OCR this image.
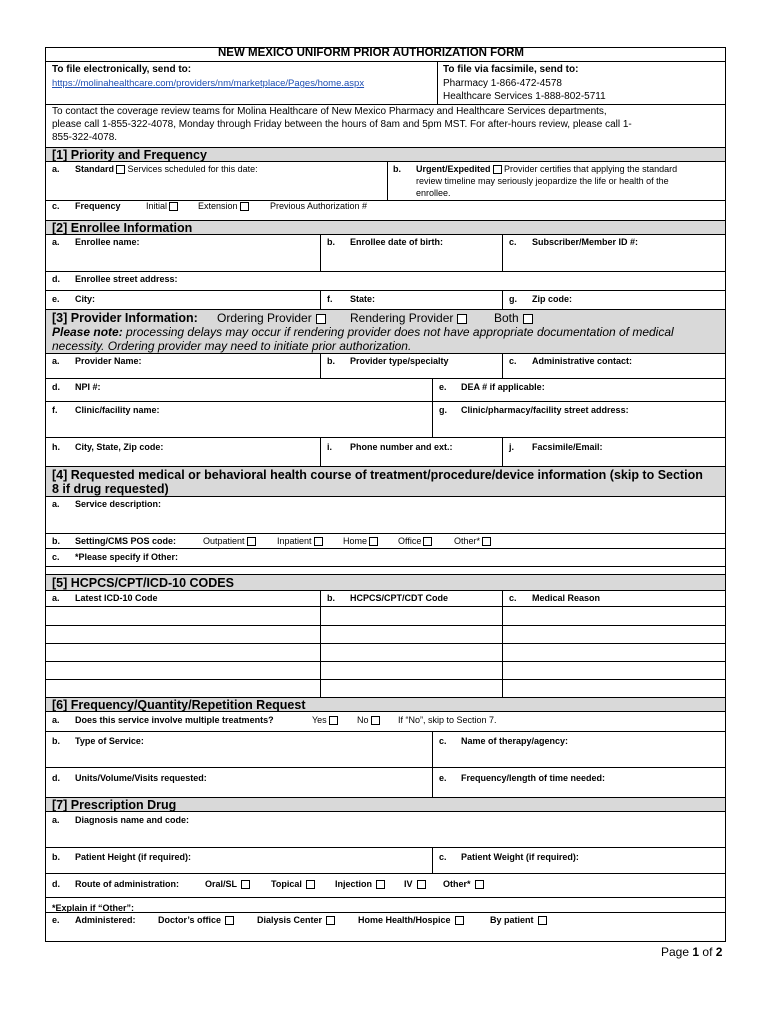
NEW MEXICO UNIFORM PRIOR AUTHORIZATION FORM
To file electronically, send to:
https://molinahealthcare.com/providers/nm/marketplace/Pages/home.aspx
To file via facsimile, send to:
Pharmacy 1-866-472-4578
Healthcare Services 1-888-802-5711
To contact the coverage review teams for Molina Healthcare of New Mexico Pharmacy and Healthcare Services departments,
please call 1-855-322-4078, Monday through Friday between the hours of 8am and 5pm MST. For after-hours review, please call 1-
855-322-4078.
[1] Priority and Frequency
a. Standard Services scheduled for this date:	b. Urgent/Expedited Provider certifies that applying the standard
review timeline may seriously jeopardize the life or health of the
enrollee.
c. Frequency	Initial	Extension	Previous Authorization #
[2] Enrollee Information
a. Enrollee name:	b. Enrollee date of birth:	c. Subscriber/Member ID #:
d. Enrollee street address:
e. City:	f. State:	g. Zip code:
[3] Provider Information: Ordering Provider	Rendering Provider	Both
Please note: processing delays may occur if rendering provider does not have appropriate documentation of medical
necessity. Ordering provider may need to initiate prior authorization.
a. Provider Name:	b. Provider type/specialty	c. Administrative contact:
d. NPI #:	e. DEA # if applicable:
f. Clinic/facility name:	g. Clinic/pharmacy/facility street address:
h. City, State, Zip code:	i. Phone number and ext.:	j. Facsimile/Email:
[4] Requested medical or behavioral health course of treatment/procedure/device information (skip to Section
8 if drug requested)
a. Service description:
b. Setting/CMS POS code:	Outpatient	Inpatient	Home	Office	Other*
c. *Please specify if Other:
[5] HCPCS/CPT/ICD-10 CODES
a. Latest ICD-10 Code	b. HCPCS/CPT/CDT Code	c. Medical Reason
[6] Frequency/Quantity/Repetition Request
a. Does this service involve multiple treatments?	Yes	No	If “No”, skip to Section 7.
b. Type of Service:	c. Name of therapy/agency:
d. Units/Volume/Visits requested:	e. Frequency/length of time needed:
[7] Prescription Drug
a. Diagnosis name and code:
b. Patient Height (if required):	c. Patient Weight (if required):
d. Route of administration:	Oral/SL	Topical	Injection	IV	Other*
*Explain if “Other”:
e. Administered: Doctor’s office	Dialysis Center	Home Health/Hospice	By patient
Page 1 of 2
